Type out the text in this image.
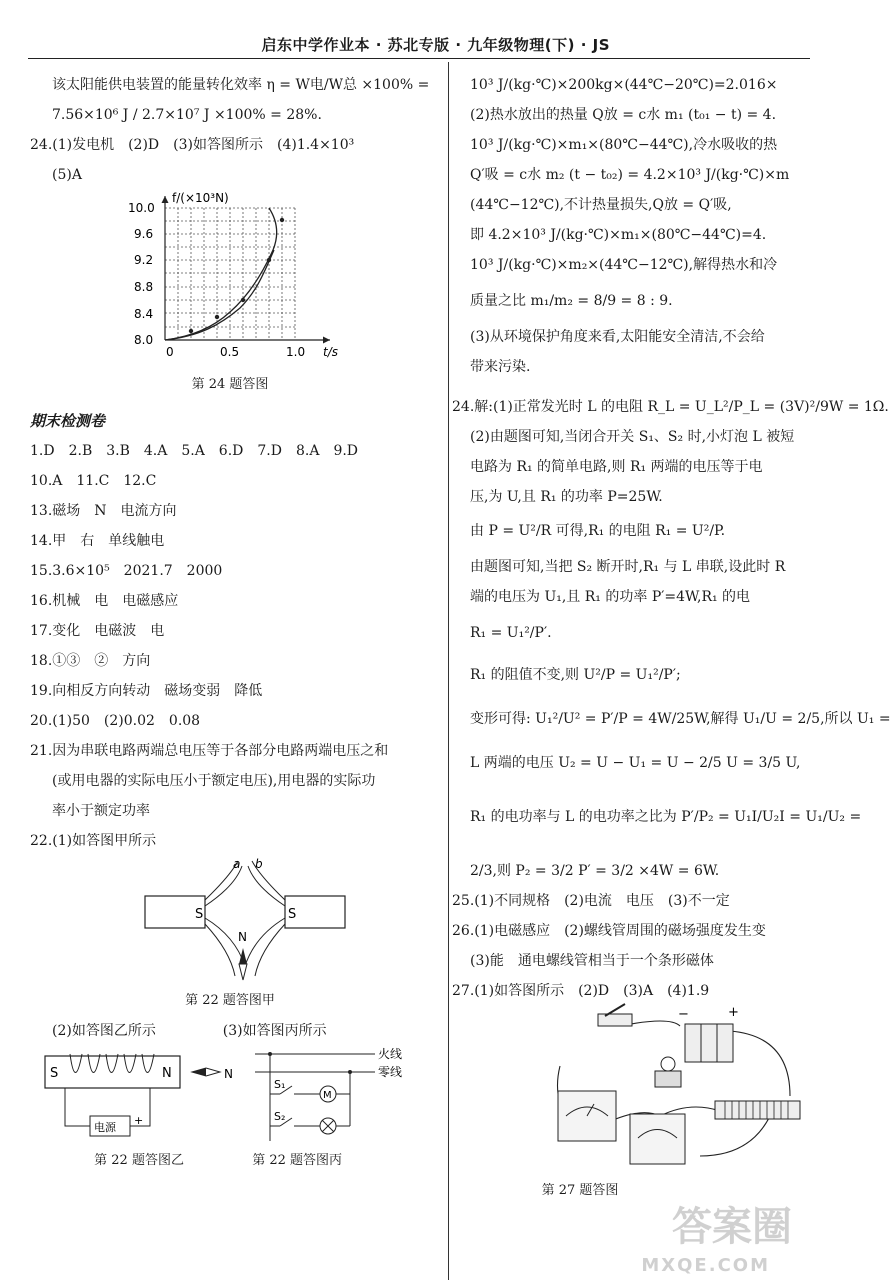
启东中学作业本 · 苏北专版 · 九年级物理(下) · JS
该太阳能供电装置的能量转化效率 η = W电/W总 ×100% =
7.56×10⁶ J / 2.7×10⁷ J ×100% = 28%.
24.(1)发电机　(2)D　(3)如答图所示　(4)1.4×10³
(5)A
f/(×10³N)
t/s
8.0
8.4
8.8
9.2
9.6
10.0
0	0.5	1.0
第 24 题答图
期末检测卷
1.D　2.B　3.B　4.A　5.A　6.D　7.D　8.A　9.D
10.A　11.C　12.C
13.磁场　N　电流方向
14.甲　右　单线触电
15.3.6×10⁵　2021.7　2000
16.机械　电　电磁感应
17.变化　电磁波　电
18.①③　②　方向
19.向相反方向转动　磁场变弱　降低
20.(1)50　(2)0.02　0.08
21.因为串联电路两端总电压等于各部分电路两端电压之和
(或用电器的实际电压小于额定电压),用电器的实际功
率小于额定功率
22.(1)如答图甲所示
S	S
a b
N
第 22 题答图甲
(2)如答图乙所示	(3)如答图丙所示
S	N	N
电源
+
火线
零线
M
S₁
S₂
第 22 题答图乙	第 22 题答图丙
10³ J/(kg·℃)×200kg×(44℃−20℃)=2.016×
(2)热水放出的热量 Q放 = c水 m₁ (t₀₁ − t) = 4.
10³ J/(kg·℃)×m₁×(80℃−44℃),冷水吸收的热
Q′吸 = c水 m₂ (t − t₀₂) = 4.2×10³ J/(kg·℃)×m
(44℃−12℃),不计热量损失,Q放 = Q′吸,
即 4.2×10³ J/(kg·℃)×m₁×(80℃−44℃)=4.
10³ J/(kg·℃)×m₂×(44℃−12℃),解得热水和冷
质量之比 m₁/m₂ = 8/9 = 8 : 9.
(3)从环境保护角度来看,太阳能安全清洁,不会给
带来污染.
24.解:(1)正常发光时 L 的电阻 R_L = U_L²/P_L = (3V)²/9W = 1Ω.
(2)由题图可知,当闭合开关 S₁、S₂ 时,小灯泡 L 被短
电路为 R₁ 的简单电路,则 R₁ 两端的电压等于电
压,为 U,且 R₁ 的功率 P=25W.
由 P = U²/R 可得,R₁ 的电阻 R₁ = U²/P.
由题图可知,当把 S₂ 断开时,R₁ 与 L 串联,设此时 R
端的电压为 U₁,且 R₁ 的功率 P′=4W,R₁ 的电
R₁ = U₁²/P′.
R₁ 的阻值不变,则 U²/P = U₁²/P′;
变形可得: U₁²/U² = P′/P = 4W/25W,解得 U₁/U = 2/5,所以 U₁ =
L 两端的电压 U₂ = U − U₁ = U − 2/5 U = 3/5 U,
R₁ 的电功率与 L 的电功率之比为 P′/P₂ = U₁I/U₂I = U₁/U₂ =
2/3,则 P₂ = 3/2 P′ = 3/2 ×4W = 6W.
25.(1)不同规格　(2)电流　电压　(3)不一定
26.(1)电磁感应　(2)螺线管周围的磁场强度发生变
(3)能　通电螺线管相当于一个条形磁体
27.(1)如答图所示　(2)D　(3)A　(4)1.9
−	+
第 27 题答图
答案圈
MXQE.COM
